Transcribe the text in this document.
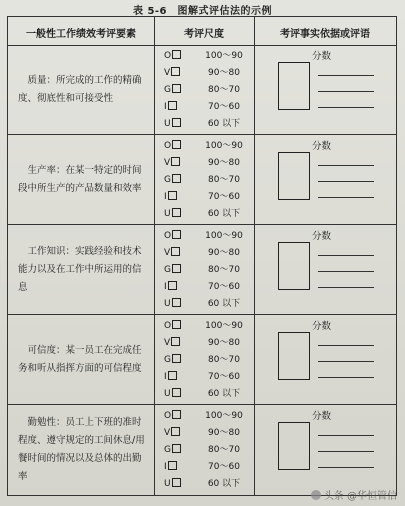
表 5-6　图解式评估法的示例
一般性工作绩效考评要素	考评尺度	考评事实依据或评语
质量：所完成的工作的精确度、彻底性和可接受性
O	100～90
V	90～80
G	80～70
I	70～60
U	60 以下
分数
生产率：在某一特定的时间段中所生产的产品数量和效率
O	100～90
V	90～80
G	80～70
I	70～60
U	60 以下
分数
工作知识：实践经验和技术能力以及在工作中所运用的信息
O	100～90
V	90～80
G	80～70
I	70～60
U	60 以下
分数
可信度：某一员工在完成任务和听从指挥方面的可信程度
O	100～90
V	90～80
G	80～70
I	70～60
U	60 以下
分数
勤勉性：员工上下班的准时程度、遵守规定的工间休息/用餐时间的情况以及总体的出勤率
O	100～90
V	90～80
G	80～70
I	70～60
U	60 以下
分数
头条 @华恒管信
